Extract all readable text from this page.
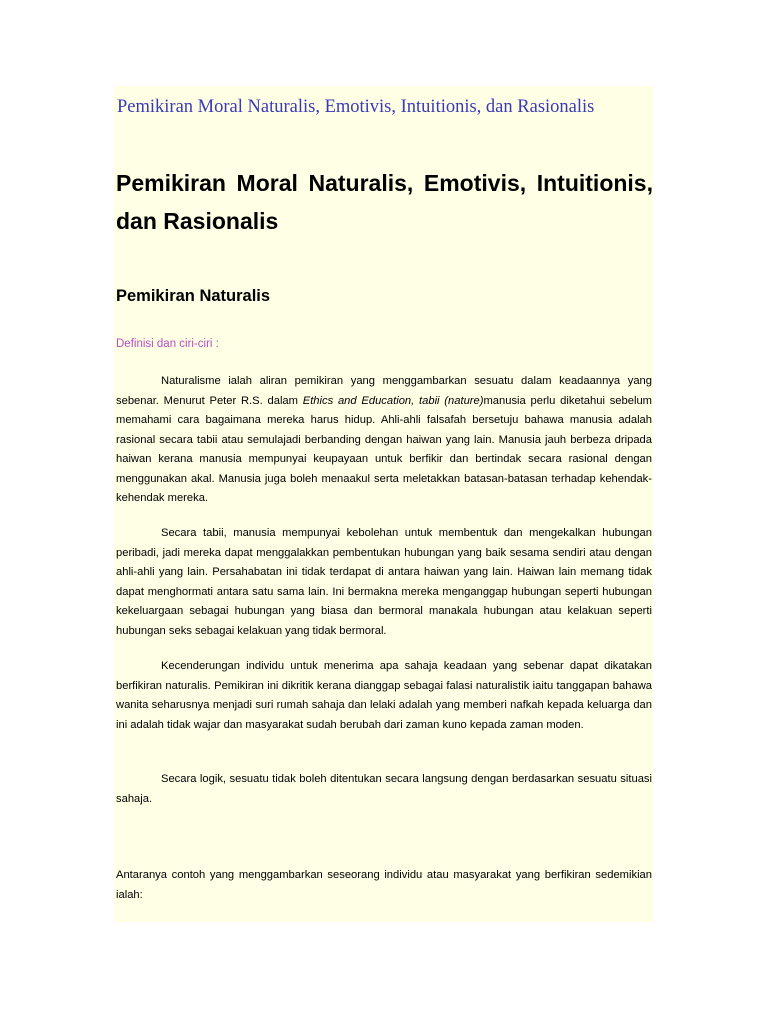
Pemikiran Moral Naturalis, Emotivis, Intuitionis, dan Rasionalis
Pemikiran Moral Naturalis, Emotivis, Intuitionis, dan Rasionalis
Pemikiran Naturalis

Definisi dan ciri-ciri :

Naturalisme ialah aliran pemikiran yang menggambarkan sesuatu dalam keadaannya yang sebenar. Menurut Peter R.S. dalam Ethics and Education, tabii (nature)manusia perlu diketahui sebelum memahami cara bagaimana mereka harus hidup. Ahli-ahli falsafah bersetuju bahawa manusia adalah rasional secara tabii atau semulajadi berbanding dengan haiwan yang lain. Manusia jauh berbeza dripada haiwan kerana manusia mempunyai keupayaan untuk berfikir dan bertindak secara rasional dengan menggunakan akal. Manusia juga boleh menaakul serta meletakkan batasan-batasan terhadap kehendak-kehendak mereka.

Secara tabii, manusia mempunyai kebolehan untuk membentuk dan mengekalkan hubungan peribadi, jadi mereka dapat menggalakkan pembentukan hubungan yang baik sesama sendiri atau dengan ahli-ahli yang lain. Persahabatan ini tidak terdapat di antara haiwan yang lain. Haiwan lain memang tidak dapat menghormati antara satu sama lain. Ini bermakna mereka menganggap hubungan seperti hubungan kekeluargaan sebagai hubungan yang biasa dan bermoral manakala hubungan atau kelakuan seperti hubungan seks sebagai kelakuan yang tidak bermoral.

Kecenderungan individu untuk menerima apa sahaja keadaan yang sebenar dapat dikatakan berfikiran naturalis. Pemikiran ini dikritik kerana dianggap sebagai falasi naturalistik iaitu tanggapan bahawa wanita seharusnya menjadi suri rumah sahaja dan lelaki adalah yang memberi nafkah kepada keluarga dan ini adalah tidak wajar dan masyarakat sudah berubah dari zaman kuno kepada zaman moden.

Secara logik, sesuatu tidak boleh ditentukan secara langsung dengan berdasarkan sesuatu situasi sahaja.

Antaranya contoh yang menggambarkan seseorang individu atau masyarakat yang berfikiran sedemikian ialah:
